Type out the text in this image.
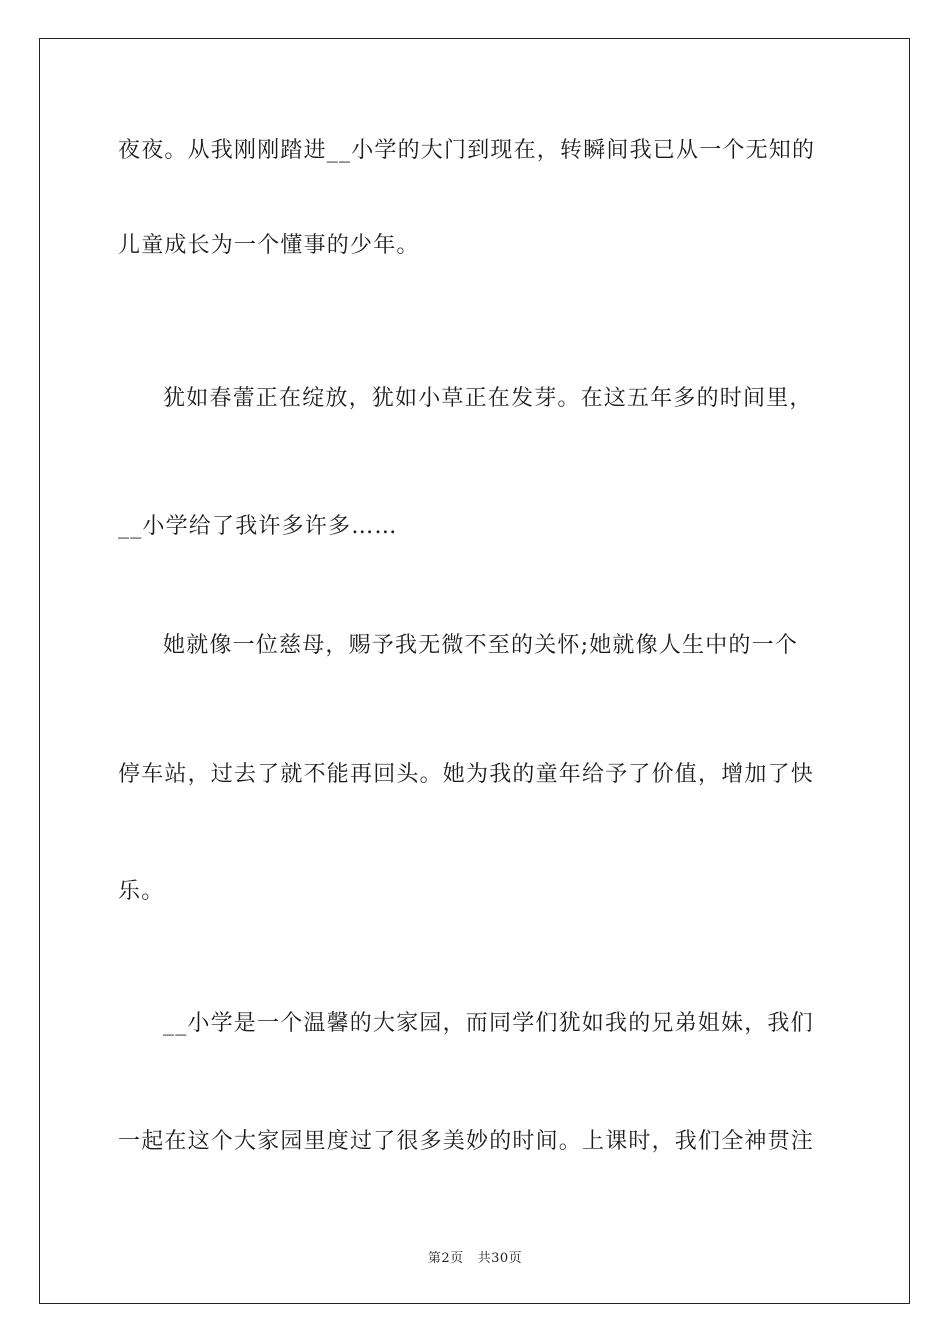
夜夜。从我刚刚踏进__小学的大门到现在，转瞬间我已从一个无知的
儿童成长为一个懂事的少年。
犹如春蕾正在绽放，犹如小草正在发芽。在这五年多的时间里，
__小学给了我许多许多……
她就像一位慈母，赐予我无微不至的关怀;她就像人生中的一个
停车站，过去了就不能再回头。她为我的童年给予了价值，增加了快
乐。
__小学是一个温馨的大家园，而同学们犹如我的兄弟姐妹，我们
一起在这个大家园里度过了很多美妙的时间。上课时，我们全神贯注
第2页 共30页
